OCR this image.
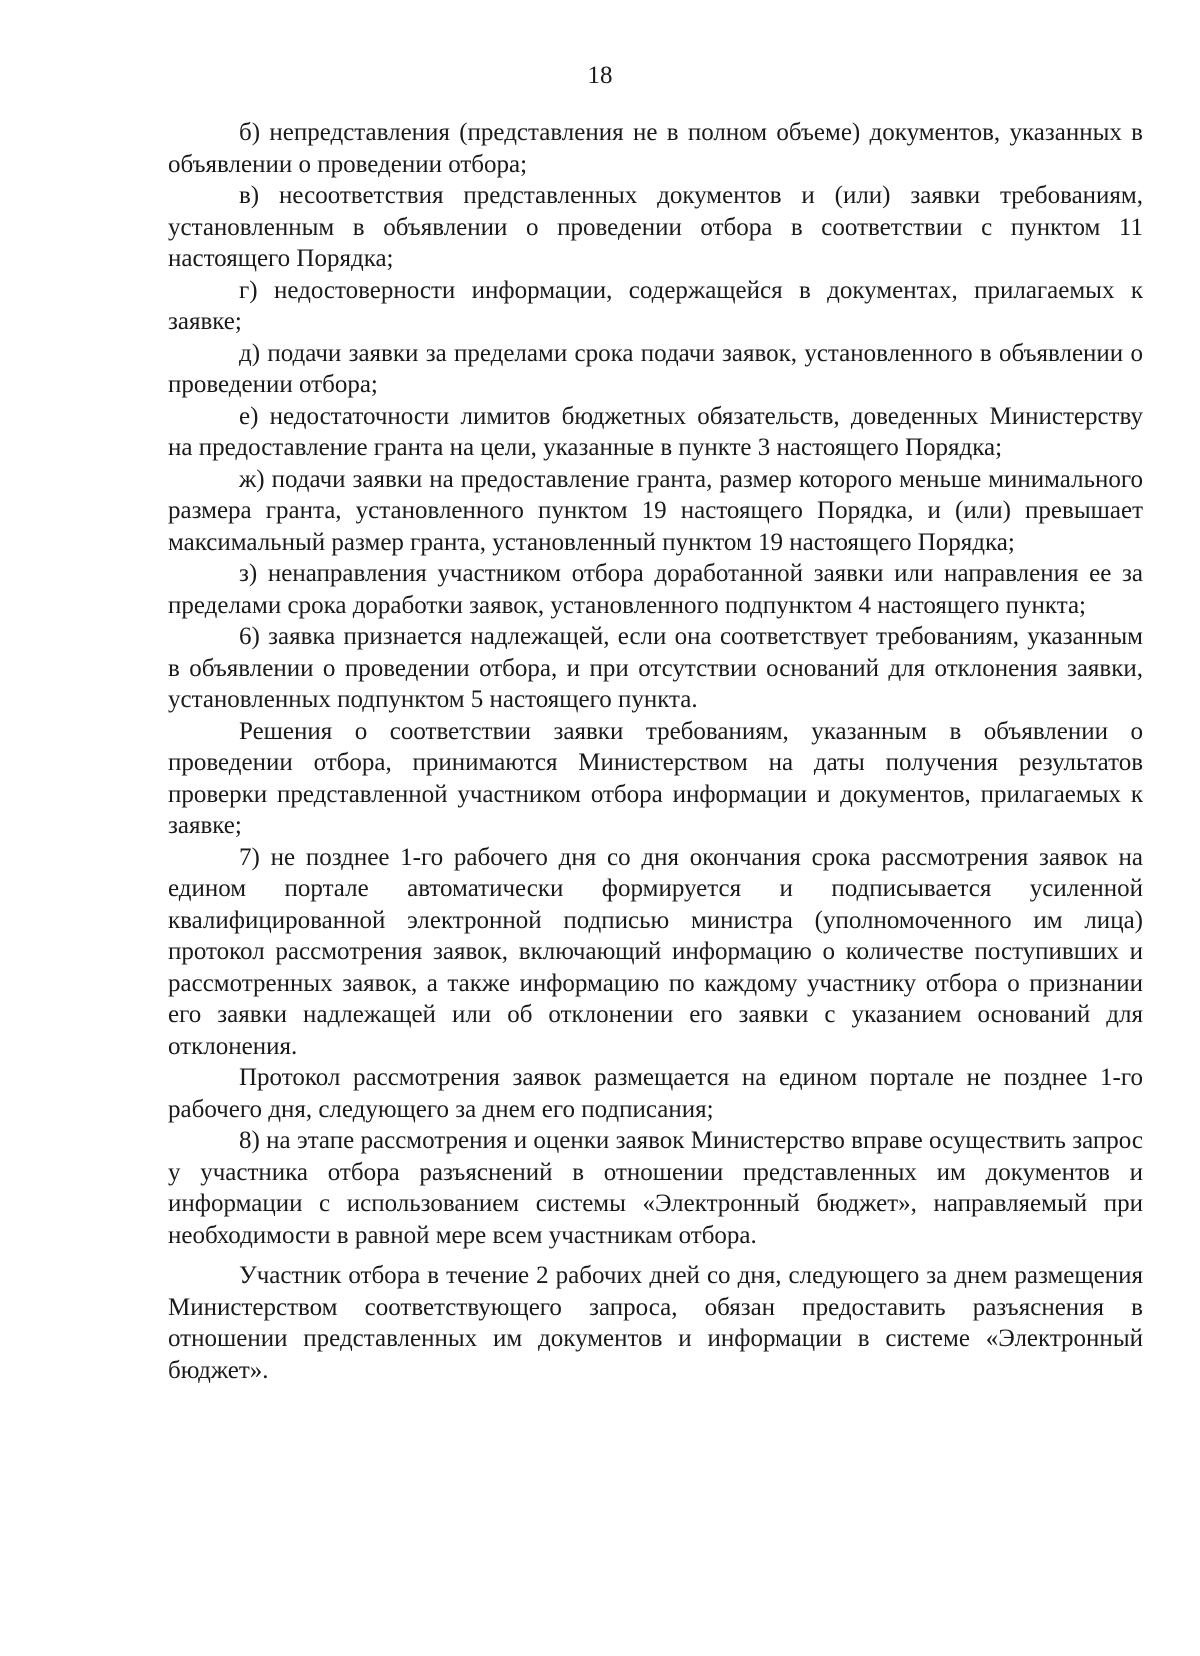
18

б) непредставления (представления не в полном объеме) документов, указанных в объявлении о проведении отбора;

в) несоответствия представленных документов и (или) заявки требованиям, установленным в объявлении о проведении отбора в соответствии с пунктом 11 настоящего Порядка;

г) недостоверности информации, содержащейся в документах, прилагаемых к заявке;

д) подачи заявки за пределами срока подачи заявок, установленного в объявлении о проведении отбора;

е) недостаточности лимитов бюджетных обязательств, доведенных Министерству на предоставление гранта на цели, указанные в пункте 3 настоящего Порядка;

ж) подачи заявки на предоставление гранта, размер которого меньше минимального размера гранта, установленного пунктом 19 настоящего Порядка, и (или) превышает максимальный размер гранта, установленный пунктом 19 настоящего Порядка;

з) ненаправления участником отбора доработанной заявки или направления ее за пределами срока доработки заявок, установленного подпунктом 4 настоящего пункта;

6) заявка признается надлежащей, если она соответствует требованиям, указанным в объявлении о проведении отбора, и при отсутствии оснований для отклонения заявки, установленных подпунктом 5 настоящего пункта.

Решения о соответствии заявки требованиям, указанным в объявлении о проведении отбора, принимаются Министерством на даты получения результатов проверки представленной участником отбора информации и документов, прилагаемых к заявке;

7) не позднее 1-го рабочего дня со дня окончания срока рассмотрения заявок на едином портале автоматически формируется и подписывается усиленной квалифицированной электронной подписью министра (уполномоченного им лица) протокол рассмотрения заявок, включающий информацию о количестве поступивших и рассмотренных заявок, а также информацию по каждому участнику отбора о признании его заявки надлежащей или об отклонении его заявки с указанием оснований для отклонения.

Протокол рассмотрения заявок размещается на едином портале не позднее 1-го рабочего дня, следующего за днем его подписания;

8) на этапе рассмотрения и оценки заявок Министерство вправе осуществить запрос у участника отбора разъяснений в отношении представленных им документов и информации с использованием системы «Электронный бюджет», направляемый при необходимости в равной мере всем участникам отбора.

Участник отбора в течение 2 рабочих дней со дня, следующего за днем размещения Министерством соответствующего запроса, обязан предоставить разъяснения в отношении представленных им документов и информации в системе «Электронный бюджет».
